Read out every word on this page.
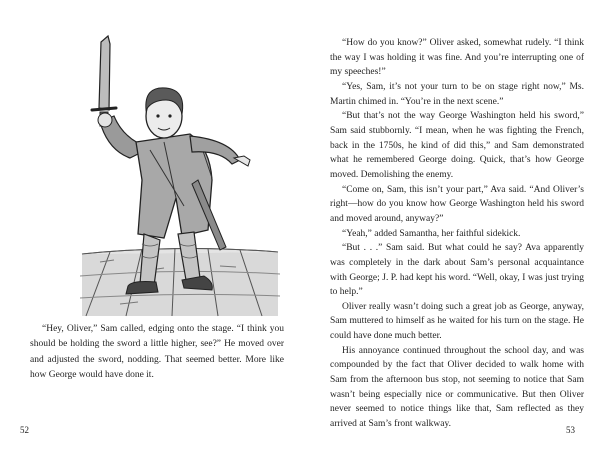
“Hey, Oliver,” Sam called, edging onto the stage. “I think you should be holding the sword a little higher, see?” He moved over and adjusted the sword, nodding. That seemed better. More like how George would have done it.

52

“How do you know?” Oliver asked, somewhat rudely. “I think the way I was holding it was fine. And you’re interrupting one of my speeches!”

“Yes, Sam, it’s not your turn to be on stage right now,” Ms. Martin chimed in. “You’re in the next scene.”

“But that’s not the way George Washington held his sword,” Sam said stubbornly. “I mean, when he was fighting the French, back in the 1750s, he kind of did this,” and Sam demonstrated what he remembered George doing. Quick, that’s how George moved. Demolishing the enemy.

“Come on, Sam, this isn’t your part,” Ava said. “And Oliver’s right—how do you know how George Washington held his sword and moved around, anyway?”

“Yeah,” added Samantha, her faithful sidekick.

“But . . .” Sam said. But what could he say? Ava apparently was completely in the dark about Sam’s personal acquaintance with George; J. P. had kept his word. “Well, okay, I was just trying to help.”

Oliver really wasn’t doing such a great job as George, anyway, Sam muttered to himself as he waited for his turn on the stage. He could have done much better.

His annoyance continued throughout the school day, and was compounded by the fact that Oliver decided to walk home with Sam from the afternoon bus stop, not seeming to notice that Sam wasn’t being especially nice or communicative. But then Oliver never seemed to notice things like that, Sam reflected as they arrived at Sam’s front walkway.

53
